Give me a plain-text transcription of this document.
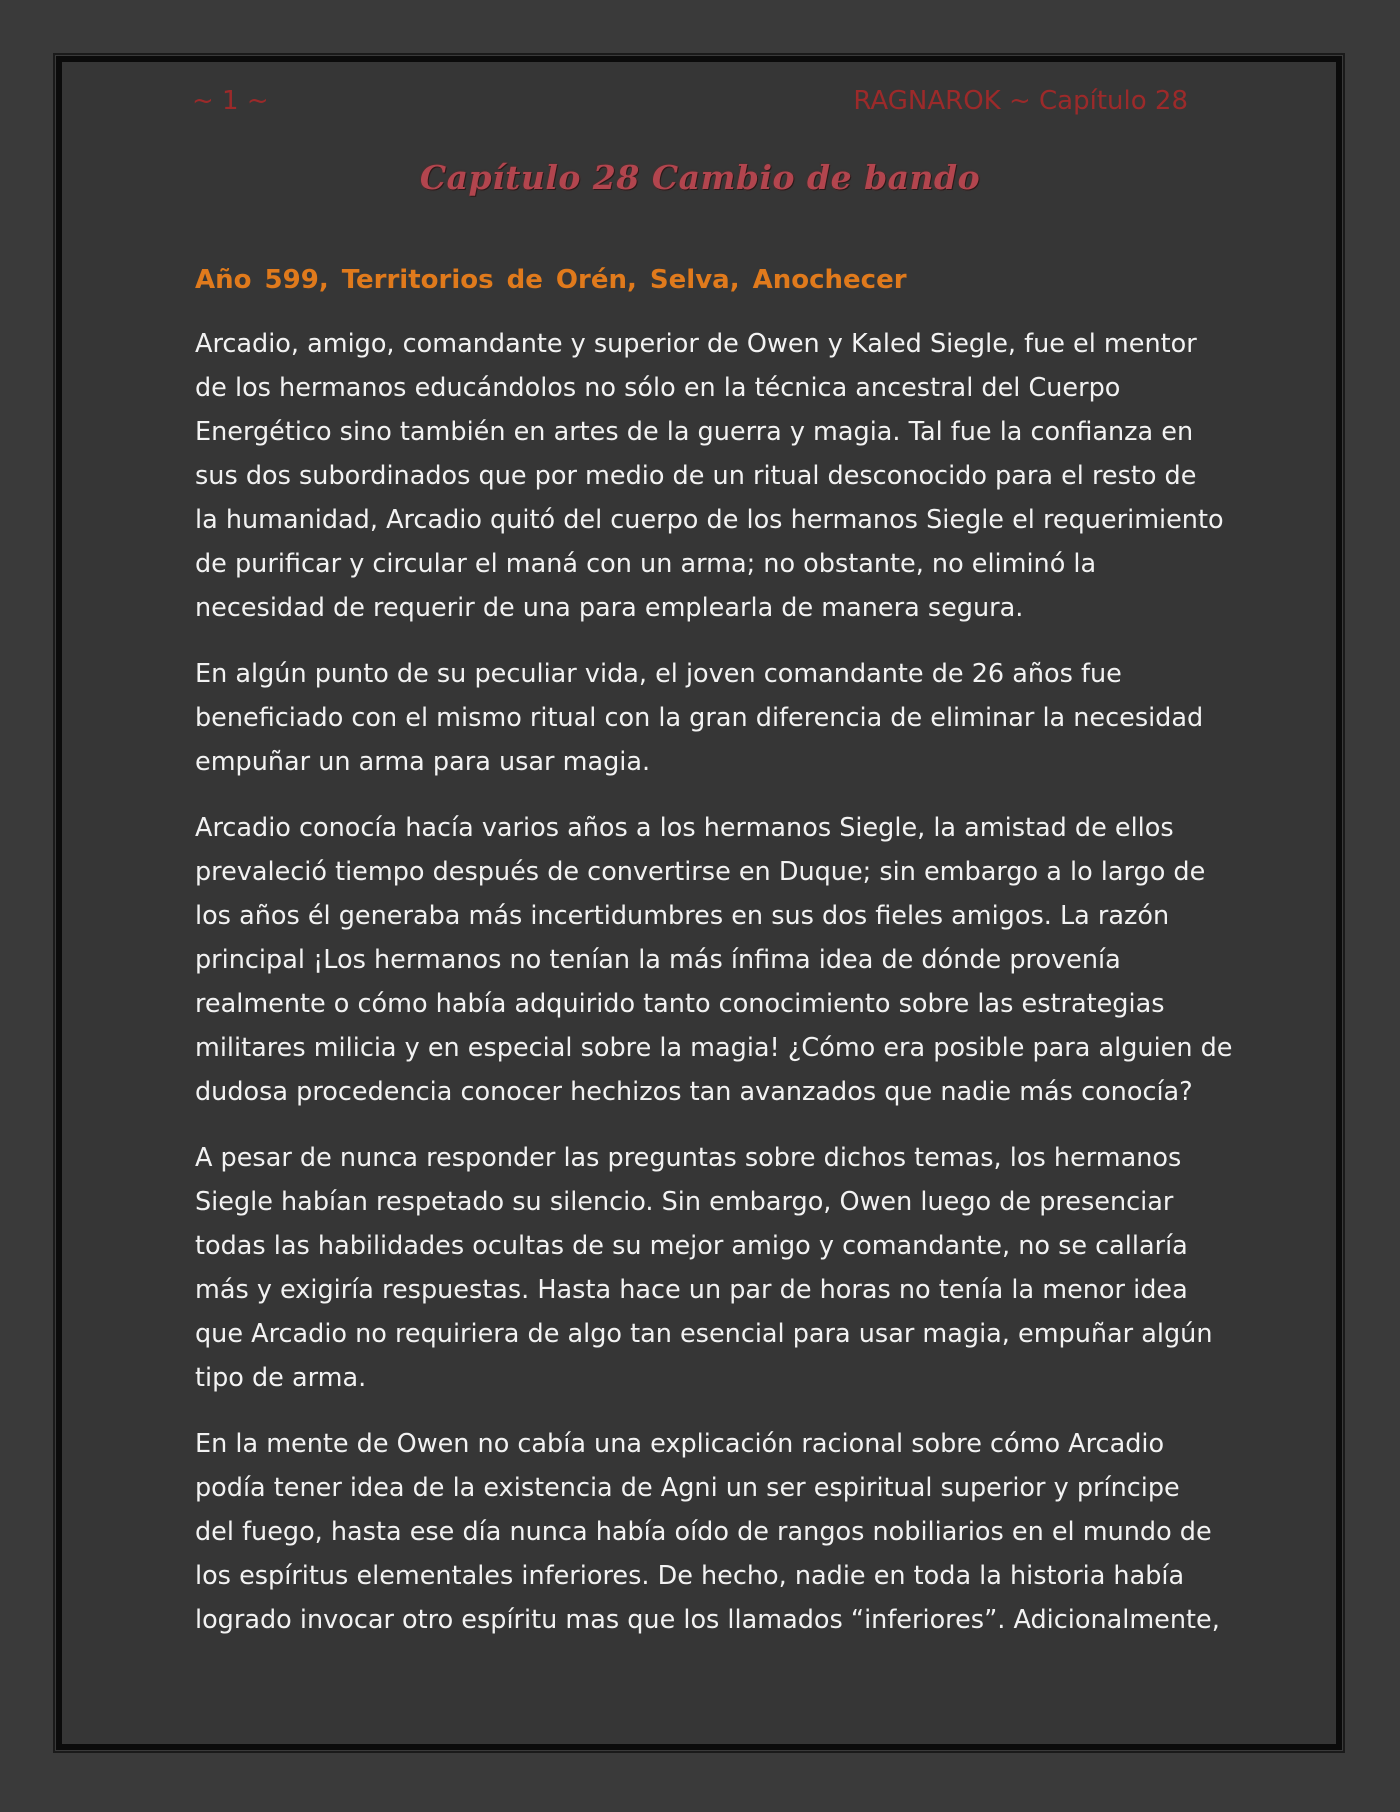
~ 1 ~	RAGNAROK ~ Capítulo 28
Capítulo 28 Cambio de bando
Año 599, Territorios de Orén, Selva, Anochecer
Arcadio, amigo, comandante y superior de Owen y Kaled Siegle, fue el mentor
de los hermanos educándolos no sólo en la técnica ancestral del Cuerpo
Energético sino también en artes de la guerra y magia. Tal fue la confianza en
sus dos subordinados que por medio de un ritual desconocido para el resto de
la humanidad, Arcadio quitó del cuerpo de los hermanos Siegle el requerimiento
de purificar y circular el maná con un arma; no obstante, no eliminó la
necesidad de requerir de una para emplearla de manera segura.
En algún punto de su peculiar vida, el joven comandante de 26 años fue
beneficiado con el mismo ritual con la gran diferencia de eliminar la necesidad
empuñar un arma para usar magia.
Arcadio conocía hacía varios años a los hermanos Siegle, la amistad de ellos
prevaleció tiempo después de convertirse en Duque; sin embargo a lo largo de
los años él generaba más incertidumbres en sus dos fieles amigos. La razón
principal ¡Los hermanos no tenían la más ínfima idea de dónde provenía
realmente o cómo había adquirido tanto conocimiento sobre las estrategias
militares milicia y en especial sobre la magia! ¿Cómo era posible para alguien de
dudosa procedencia conocer hechizos tan avanzados que nadie más conocía?
A pesar de nunca responder las preguntas sobre dichos temas, los hermanos
Siegle habían respetado su silencio. Sin embargo, Owen luego de presenciar
todas las habilidades ocultas de su mejor amigo y comandante, no se callaría
más y exigiría respuestas. Hasta hace un par de horas no tenía la menor idea
que Arcadio no requiriera de algo tan esencial para usar magia, empuñar algún
tipo de arma.
En la mente de Owen no cabía una explicación racional sobre cómo Arcadio
podía tener idea de la existencia de Agni un ser espiritual superior y príncipe
del fuego, hasta ese día nunca había oído de rangos nobiliarios en el mundo de
los espíritus elementales inferiores. De hecho, nadie en toda la historia había
logrado invocar otro espíritu mas que los llamados “inferiores”. Adicionalmente,
